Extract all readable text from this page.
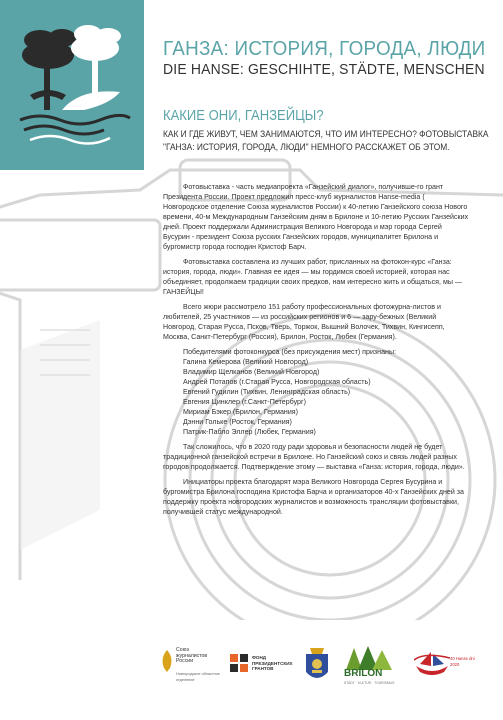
ГАНЗА: ИСТОРИЯ, ГОРОДА, ЛЮДИ
DIE HANSE: GESCHIHTE, STÄDTE, MENSCHEN
КАКИЕ ОНИ, ГАНЗЕЙЦЫ?
КАК И ГДЕ ЖИВУТ, ЧЕМ ЗАНИМАЮТСЯ, ЧТО ИМ ИНТЕРЕСНО? ФОТОВЫСТАВКА "ГАНЗА: ИСТОРИЯ, ГОРОДА, ЛЮДИ" НЕМНОГО РАССКАЖЕТ ОБ ЭТОМ.

Фотовыставка - часть медиапроекта «Ганзейский диалог», получивше-го грант Президента России. Проект предложил пресс-клуб журналистов Hanse-media ( Новгородское отделение Союза журналистов России) к 40-летию Ганзейского союза Нового времени, 40-м Международным Ганзейским дням в Брилоне и 10-летию Русских Ганзейских дней. Проект поддержали Администрация Великого Новгорода и мэр города Сергей Бусурин - президент Союза русских Ганзейских городов, муниципалитет Брилона и бургомистр города господин Кристоф Барч.

Фотовыставка составлена из лучших работ, присланных на фотокон-курс «Ганза: история, города, люди». Главная ее идея — мы гордимся своей историей, которая нас объединяет, продолжаем традиции своих предков, нам интересно жить и общаться, мы — ГАНЗЕЙЦЫ!

Всего жюри рассмотрело 151 работу профессиональных фотожурна-листов и любителей, 25 участников — из российских регионов и 6 — зару-бежных (Великий Новгород, Старая Русса, Псков, Тверь, Торжок, Вышний Волочек, Тихвин, Кингисепп, Москва, Санкт-Петербург (Россия), Брилон, Росток, Любек (Германия).

Победителями фотоконкурса (без присуждения мест) признаны:
Галина Кемерова (Великий Новгород)
Владимир Щелканов (Великий Новгород)
Андрей Потапов (г.Старая Русса, Новгородская область)
Евгений Гудилин (Тихвин, Ленинградская область)
Евгения Цинклер (г.Санкт-Петербург)
Мириам Бэкер (Брилон, Германия)
Дэнни Гольке (Росток, Германия)
Патрик-Пабло Эллер (Любек, Германия)

Так сложилось, что в 2020 году ради здоровья и безопасности людей не будет традиционной ганзейской встречи в Брилоне. Но Ганзейский союз и связь людей разных городов продолжается. Подтверждение этому — выставка «Ганза: история, города, люди».

Инициаторы проекта благодарят мэра Великого Новгорода Сергея Бусурина и бургомистра Брилона господина Кристофа Барча и организаторов 40-х Ганзейских дней за поддержку проекта новгородских журналистов и возможность трансляции фотовыставки, получившей статус международной.

Союз журналистов России
Новгородское областное отделение
ФОНД ПРЕЗИДЕНТСКИХ ГРАНТОВ	BRILON
STADT · KULTUR · TOURISMUS
40 Hanse dni 2020
